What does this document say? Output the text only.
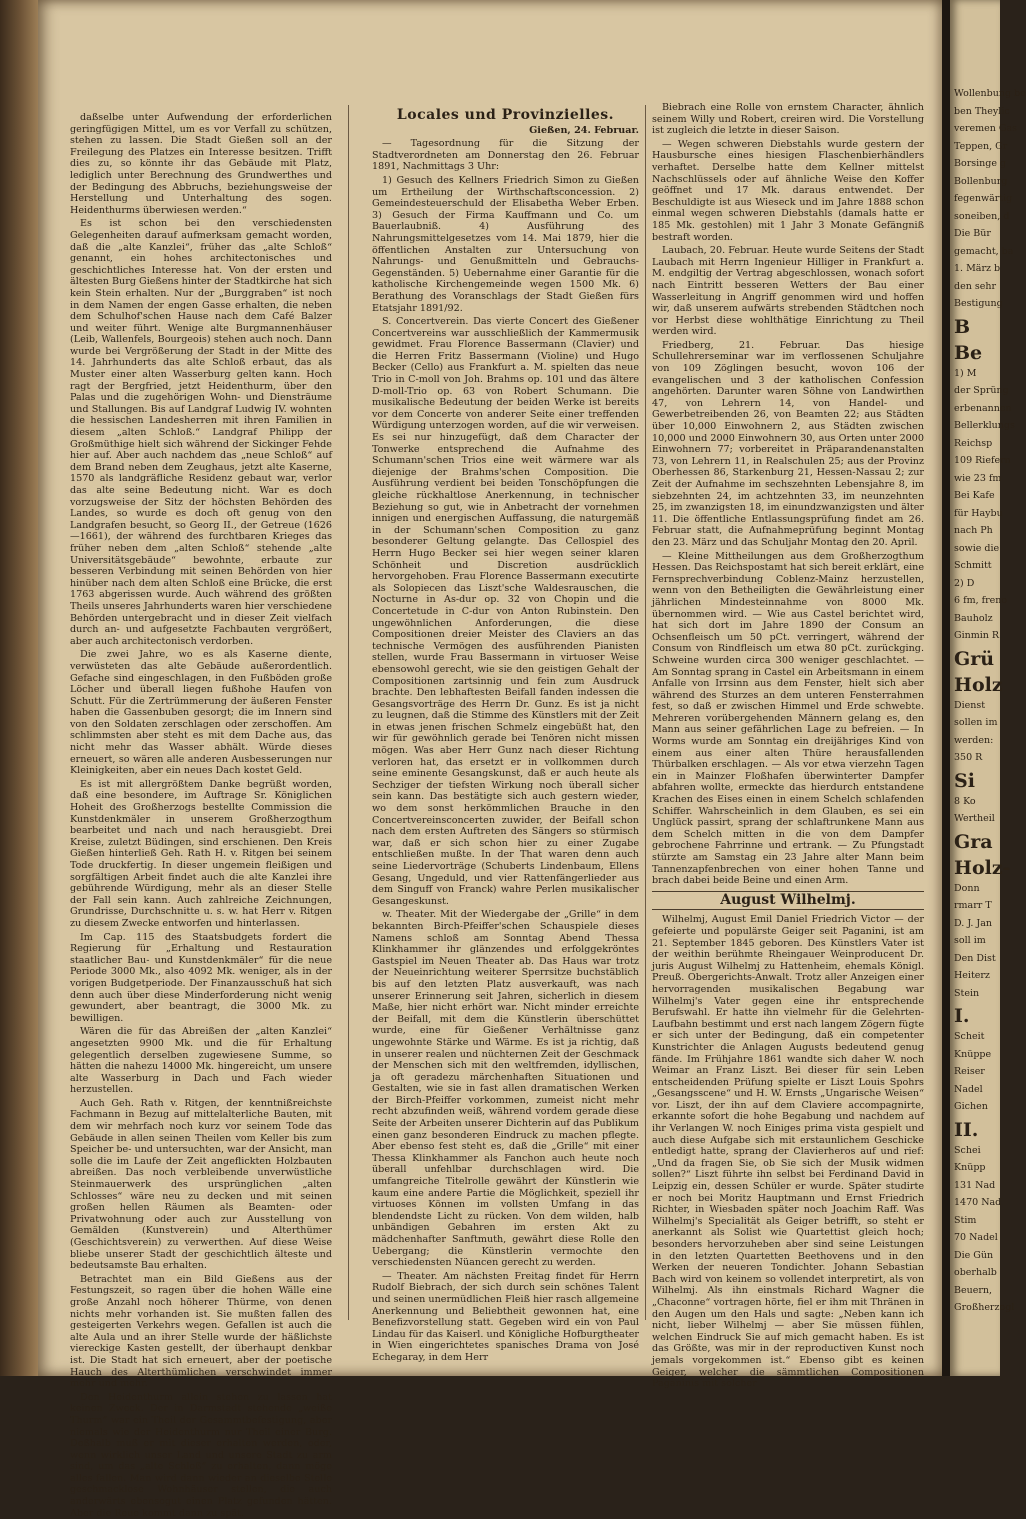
daßselbe unter Aufwendung der erforderlichen geringfügigen Mittel, um es vor Verfall zu schützen, stehen zu lassen. Die Stadt Gießen soll an der Freilegung des Platzes ein Interesse besitzen. Trifft dies zu, so könnte ihr das Gebäude mit Platz, lediglich unter Berechnung des Grundwerthes und der Bedingung des Abbruchs, beziehungsweise der Herstellung und Unterhaltung des sogen. Heidenthurms überwiesen werden.“

Es ist schon bei den verschiedensten Gelegenheiten darauf aufmerksam gemacht worden, daß die „alte Kanzlei“, früher das „alte Schloß“ genannt, ein hohes architectonisches und geschichtliches Interesse hat. Von der ersten und ältesten Burg Gießens hinter der Stadtkirche hat sich kein Stein erhalten. Nur der „Burggraben“ ist noch in dem Namen der engen Gasse erhalten, die neben dem Schulhof'schen Hause nach dem Café Balzer und weiter führt. Wenige alte Burgmannenhäuser (Leib, Wallenfels, Bourgeois) stehen auch noch. Dann wurde bei Vergrößerung der Stadt in der Mitte des 14. Jahrhunderts das alte Schloß erbaut, das als Muster einer alten Wasserburg gelten kann. Hoch ragt der Bergfried, jetzt Heidenthurm, über den Palas und die zugehörigen Wohn- und Diensträume und Stallungen. Bis auf Landgraf Ludwig IV. wohnten die hessischen Landesherren mit ihren Familien in diesem „alten Schloß.“ Landgraf Philipp der Großmüthige hielt sich während der Sickinger Fehde hier auf. Aber auch nachdem das „neue Schloß“ auf dem Brand neben dem Zeughaus, jetzt alte Kaserne, 1570 als landgräfliche Residenz gebaut war, verlor das alte seine Bedeutung nicht. War es doch vorzugsweise der Sitz der höchsten Behörden des Landes, so wurde es doch oft genug von den Landgrafen besucht, so Georg II., der Getreue (1626—1661), der während des furchtbaren Krieges das früher neben dem „alten Schloß“ stehende „alte Universitätsgebäude“ bewohnte, erbaute zur besseren Verbindung mit seinen Behörden von hier hinüber nach dem alten Schloß eine Brücke, die erst 1763 abgerissen wurde. Auch während des größten Theils unseres Jahrhunderts waren hier verschiedene Behörden untergebracht und in dieser Zeit vielfach durch an- und aufgesetzte Fachbauten vergrößert, aber auch architectonisch verdorben.

Die zwei Jahre, wo es als Kaserne diente, verwüsteten das alte Gebäude außerordentlich. Gefache sind eingeschlagen, in den Fußböden große Löcher und überall liegen fußhohe Haufen von Schutt. Für die Zertrümmerung der äußeren Fenster haben die Gassenbuben gesorgt; die im Innern sind von den Soldaten zerschlagen oder zerschoffen. Am schlimmsten aber steht es mit dem Dache aus, das nicht mehr das Wasser abhält. Würde dieses erneuert, so wären alle anderen Ausbesserungen nur Kleinigkeiten, aber ein neues Dach kostet Geld.

Es ist mit allergrößtem Danke begrüßt worden, daß eine besondere, im Auftrage Sr. Königlichen Hoheit des Großherzogs bestellte Commission die Kunstdenkmäler in unserem Großherzogthum bearbeitet und nach und nach herausgiebt. Drei Kreise, zuletzt Büdingen, sind erschienen. Den Kreis Gießen hinterließ Geh. Rath H. v. Ritgen bei seinem Tode druckfertig. In dieser ungemein fleißigen und sorgfältigen Arbeit findet auch die alte Kanzlei ihre gebührende Würdigung, mehr als an dieser Stelle der Fall sein kann. Auch zahlreiche Zeichnungen, Grundrisse, Durchschnitte u. s. w. hat Herr v. Ritgen zu diesem Zwecke entworfen und hinterlassen.

Im Cap. 115 des Staatsbudgets fordert die Regierung für „Erhaltung und Restauration staatlicher Bau- und Kunstdenkmäler“ für die neue Periode 3000 Mk., also 4092 Mk. weniger, als in der vorigen Budgetperiode. Der Finanzausschuß hat sich denn auch über diese Minderforderung nicht wenig gewundert, aber beantragt, die 3000 Mk. zu bewilligen.

Wären die für das Abreißen der „alten Kanzlei“ angesetzten 9900 Mk. und die für Erhaltung gelegentlich derselben zugewiesene Summe, so hätten die nahezu 14000 Mk. hingereicht, um unsere alte Wasserburg in Dach und Fach wieder herzustellen.

Auch Geh. Rath v. Ritgen, der kenntnißreichste Fachmann in Bezug auf mittelalterliche Bauten, mit dem wir mehrfach noch kurz vor seinem Tode das Gebäude in allen seinen Theilen vom Keller bis zum Speicher be- und untersuchten, war der Ansicht, man solle die im Laufe der Zeit angeflickten Holzbauten abreißen. Das noch verbleibende unverwüstliche Steinmauerwerk des ursprünglichen „alten Schlosses“ wäre neu zu decken und mit seinen großen hellen Räumen als Beamten- oder Privatwohnung oder auch zur Ausstellung von Gemälden (Kunstverein) und Alterthümer (Geschichtsverein) zu verwerthen. Auf diese Weise bliebe unserer Stadt der geschichtlich älteste und bedeutsamste Bau erhalten.

Betrachtet man ein Bild Gießens aus der Festungszeit, so ragen über die hohen Wälle eine große Anzahl noch höherer Thürme, von denen nichts mehr vorhanden ist. Sie mußten fallen des gesteigerten Verkehrs wegen. Gefallen ist auch die alte Aula und an ihrer Stelle wurde der häßlichste viereckige Kasten gestellt, der überhaupt denkbar ist. Die Stadt hat sich erneuert, aber der poetische Hauch des Alterthümlichen verschwindet immer mehr und mehr.

Den Heidenthurm allein stehen zu lassen hat keinen Zweck. Der in Darmstadt stehende „weiße Thurm“ war ein Theil der Gesammtbefestigung, aber niemals wie der Heidenthurm nur Theil einer Burg. Deßhalb muß er mit dieser erhalten werden, oder, wenn wirklich unser Land und unsere Stadt zu arm sind, um das „alte Schloß“ zu erhalten, dann möge alles fallen. Man wird dann wieder an dieselbe Stelle geschmacklose Wohnhäuser stellen, die auch anderwärts ebensogut einen Platz gefunden hätten. Aber die Reue kommt dann zu spät.

Locales und Provinzielles.
Gießen, 24. Februar.

— Tagesordnung für die Sitzung der Stadtverordneten am Donnerstag den 26. Februar 1891, Nachmittags 3 Uhr:

1) Gesuch des Kellners Friedrich Simon zu Gießen um Ertheilung der Wirthschaftsconcession. 2) Gemeindesteuerschuld der Elisabetha Weber Erben. 3) Gesuch der Firma Kauffmann und Co. um Bauerlaubniß. 4) Ausführung des Nahrungsmittelgesetzes vom 14. Mai 1879, hier die öffentlichen Anstalten zur Untersuchung von Nahrungs- und Genußmitteln und Gebrauchs-Gegenständen. 5) Uebernahme einer Garantie für die katholische Kirchengemeinde wegen 1500 Mk. 6) Berathung des Voranschlags der Stadt Gießen fürs Etatsjahr 1891/92.

S. Concertverein. Das vierte Concert des Gießener Concertvereins war ausschließlich der Kammermusik gewidmet. Frau Florence Bassermann (Clavier) und die Herren Fritz Bassermann (Violine) und Hugo Becker (Cello) aus Frankfurt a. M. spielten das neue Trio in C-moll von Joh. Brahms op. 101 und das ältere D-moll-Trio op. 63 von Robert Schumann. Die musikalische Bedeutung der beiden Werke ist bereits vor dem Concerte von anderer Seite einer treffenden Würdigung unterzogen worden, auf die wir verweisen. Es sei nur hinzugefügt, daß dem Character der Tonwerke entsprechend die Aufnahme des Schumann'schen Trios eine weit wärmere war als diejenige der Brahms'schen Composition. Die Ausführung verdient bei beiden Tonschöpfungen die gleiche rückhaltlose Anerkennung, in technischer Beziehung so gut, wie in Anbetracht der vornehmen innigen und energischen Auffassung, die naturgemäß in der Schumann'schen Composition zu ganz besonderer Geltung gelangte. Das Cellospiel des Herrn Hugo Becker sei hier wegen seiner klaren Schönheit und Discretion ausdrücklich hervorgehoben. Frau Florence Bassermann executirte als Solopiecen das Liszt'sche Waldesrauschen, die Nocturne in As-dur op. 32 von Chopin und die Concertetude in C-dur von Anton Rubinstein. Den ungewöhnlichen Anforderungen, die diese Compositionen dreier Meister des Claviers an das technische Vermögen des ausführenden Pianisten stellen, wurde Frau Bassermann in virtuoser Weise ebensowohl gerecht, wie sie den geistigen Gehalt der Compositionen zartsinnig und fein zum Ausdruck brachte. Den lebhaftesten Beifall fanden indessen die Gesangsvorträge des Herrn Dr. Gunz. Es ist ja nicht zu leugnen, daß die Stimme des Künstlers mit der Zeit in etwas jenen frischen Schmelz eingebüßt hat, den wir für gewöhnlich gerade bei Tenören nicht missen mögen. Was aber Herr Gunz nach dieser Richtung verloren hat, das ersetzt er in vollkommen durch seine eminente Gesangskunst, daß er auch heute als Sechziger der tiefsten Wirkung noch überall sicher sein kann. Das bestätigte sich auch gestern wieder, wo dem sonst herkömmlichen Brauche in den Concertvereinsconcerten zuwider, der Beifall schon nach dem ersten Auftreten des Sängers so stürmisch war, daß er sich schon hier zu einer Zugabe entschließen mußte. In der That waren denn auch seine Liedervorträge (Schuberts Lindenbaum, Ellens Gesang, Ungeduld, und vier Rattenfängerlieder aus dem Singuff von Franck) wahre Perlen musikalischer Gesangeskunst.

w. Theater. Mit der Wiedergabe der „Grille“ in dem bekannten Birch-Pfeiffer'schen Schauspiele dieses Namens schloß am Sonntag Abend Thessa Klinkhammer ihr glänzendes und erfolggekröntes Gastspiel im Neuen Theater ab. Das Haus war trotz der Neueinrichtung weiterer Sperrsitze buchstäblich bis auf den letzten Platz ausverkauft, was nach unserer Erinnerung seit Jahren, sicherlich in diesem Maße, hier nicht erhört war. Nicht minder erreichte der Beifall, mit dem die Künstlerin überschüttet wurde, eine für Gießener Verhältnisse ganz ungewohnte Stärke und Wärme. Es ist ja richtig, daß in unserer realen und nüchternen Zeit der Geschmack der Menschen sich mit den weltfremden, idyllischen, ja oft geradezu märchenhaften Situationen und Gestalten, wie sie in fast allen dramatischen Werken der Birch-Pfeiffer vorkommen, zumeist nicht mehr recht abzufinden weiß, während vordem gerade diese Seite der Arbeiten unserer Dichterin auf das Publikum einen ganz besonderen Eindruck zu machen pflegte. Aber ebenso fest steht es, daß die „Grille“ mit einer Thessa Klinkhammer als Fanchon auch heute noch überall unfehlbar durchschlagen wird. Die umfangreiche Titelrolle gewährt der Künstlerin wie kaum eine andere Partie die Möglichkeit, speziell ihr virtuoses Können im vollsten Umfang in das blendendste Licht zu rücken. Von dem wilden, halb unbändigen Gebahren im ersten Akt zu mädchenhafter Sanftmuth, gewährt diese Rolle den Uebergang; die Künstlerin vermochte den verschiedensten Nüancen gerecht zu werden.

— Theater. Am nächsten Freitag findet für Herrn Rudolf Biebrach, der sich durch sein schönes Talent und seinen unermüdlichen Fleiß hier rasch allgemeine Anerkennung und Beliebtheit gewonnen hat, eine Benefizvorstellung statt. Gegeben wird ein von Paul Lindau für das Kaiserl. und Königliche Hofburgtheater in Wien eingerichtetes spanisches Drama von José Echegaray, in dem Herr

Biebrach eine Rolle von ernstem Character, ähnlich seinem Willy und Robert, creiren wird. Die Vorstellung ist zugleich die letzte in dieser Saison.

— Wegen schweren Diebstahls wurde gestern der Hausbursche eines hiesigen Flaschenbierhändlers verhaftet. Derselbe hatte dem Kellner mittelst Nachschlüssels oder auf ähnliche Weise den Koffer geöffnet und 17 Mk. daraus entwendet. Der Beschuldigte ist aus Wieseck und im Jahre 1888 schon einmal wegen schweren Diebstahls (damals hatte er 185 Mk. gestohlen) mit 1 Jahr 3 Monate Gefängniß bestraft worden.

Laubach, 20. Februar. Heute wurde Seitens der Stadt Laubach mit Herrn Ingenieur Hilliger in Frankfurt a. M. endgiltig der Vertrag abgeschlossen, wonach sofort nach Eintritt besseren Wetters der Bau einer Wasserleitung in Angriff genommen wird und hoffen wir, daß unserem aufwärts strebenden Städtchen noch vor Herbst diese wohlthätige Einrichtung zu Theil werden wird.

Friedberg, 21. Februar. Das hiesige Schullehrerseminar war im verflossenen Schuljahre von 109 Zöglingen besucht, wovon 106 der evangelischen und 3 der katholischen Confession angehörten. Darunter waren Söhne von Landwirthen 47, von Lehrern 14, von Handel- und Gewerbetreibenden 26, von Beamten 22; aus Städten über 10,000 Einwohnern 2, aus Städten zwischen 10,000 und 2000 Einwohnern 30, aus Orten unter 2000 Einwohnern 77; vorbereitet in Präparandenanstalten 73, von Lehrern 11, in Realschulen 25; aus der Provinz Oberhessen 86, Starkenburg 21, Hessen-Nassau 2; zur Zeit der Aufnahme im sechszehnten Lebensjahre 8, im siebzehnten 24, im achtzehnten 33, im neunzehnten 25, im zwanzigsten 18, im einundzwanzigsten und älter 11. Die öffentliche Entlassungsprüfung findet am 26. Februar statt, die Aufnahmeprüfung beginnt Montag den 23. März und das Schuljahr Montag den 20. April.

— Kleine Mittheilungen aus dem Großherzogthum Hessen. Das Reichspostamt hat sich bereit erklärt, eine Fernsprechverbindung Coblenz-Mainz herzustellen, wenn von den Betheiligten die Gewährleistung einer jährlichen Mindesteinnahme von 8000 Mk. übernommen wird. — Wie aus Castel berichtet wird, hat sich dort im Jahre 1890 der Consum an Ochsenfleisch um 50 pCt. verringert, während der Consum von Rindfleisch um etwa 80 pCt. zurückging. Schweine wurden circa 300 weniger geschlachtet. — Am Sonntag sprang in Castel ein Arbeitsmann in einem Anfalle von Irrsinn aus dem Fenster, hielt sich aber während des Sturzes an dem unteren Fensterrahmen fest, so daß er zwischen Himmel und Erde schwebte. Mehreren vorübergehenden Männern gelang es, den Mann aus seiner gefährlichen Lage zu befreien. — In Worms wurde am Sonntag ein dreijähriges Kind von einem aus einer alten Thüre herausfallenden Thürbalken erschlagen. — Als vor etwa vierzehn Tagen ein in Mainzer Floßhafen überwinterter Dampfer abfahren wollte, ermeckte das hierdurch entstandene Krachen des Eises einen in einem Schelch schlafenden Schiffer. Wahrscheinlich in dem Glauben, es sei ein Unglück passirt, sprang der schlaftrunkene Mann aus dem Schelch mitten in die von dem Dampfer gebrochene Fahrrinne und ertrank. — Zu Pfungstadt stürzte am Samstag ein 23 Jahre alter Mann beim Tannenzapfenbrechen von einer hohen Tanne und brach dabei beide Beine und einen Arm.

August Wilhelmj.

Wilhelmj, August Emil Daniel Friedrich Victor — der gefeierte und populärste Geiger seit Paganini, ist am 21. September 1845 geboren. Des Künstlers Vater ist der weithin berühmte Rheingauer Weinproducent Dr. juris August Wilhelmj zu Hattenheim, ehemals Königl. Preuß. Obergerichts-Anwalt. Trotz aller Anzeigen einer hervorragenden musikalischen Begabung war Wilhelmj's Vater gegen eine ihr entsprechende Berufswahl. Er hatte ihn vielmehr für die Gelehrten-Laufbahn bestimmt und erst nach langem Zögern fügte er sich unter der Bedingung, daß ein competenter Kunstrichter die Anlagen Augusts bedeutend genug fände. Im Frühjahre 1861 wandte sich daher W. noch Weimar an Franz Liszt. Bei dieser für sein Leben entscheidenden Prüfung spielte er Liszt Louis Spohrs „Gesangsscene“ und H. W. Ernsts „Ungarische Weisen“ vor. Liszt, der ihn auf dem Claviere accompagnirte, erkannte sofort die hohe Begabung und nachdem auf ihr Verlangen W. noch Einiges prima vista gespielt und auch diese Aufgabe sich mit erstaunlichem Geschicke entledigt hatte, sprang der Clavierheros auf und rief: „Und da fragen Sie, ob Sie sich der Musik widmen sollen?“ Liszt führte ihn selbst bei Ferdinand David in Leipzig ein, dessen Schüler er wurde. Später studirte er noch bei Moritz Hauptmann und Ernst Friedrich Richter, in Wiesbaden später noch Joachim Raff. Was Wilhelmj's Specialität als Geiger betrifft, so steht er anerkannt als Solist wie Quartettist gleich hoch; besonders hervorzuheben aber sind seine Leistungen in den letzten Quartetten Beethovens und in den Werken der neueren Tondichter. Johann Sebastian Bach wird von keinem so vollendet interpretirt, als von Wilhelmj. Als ihn einstmals Richard Wagner die „Chaconne“ vortragen hörte, fiel er ihm mit Thränen in den Augen um den Hals und sagte: „Neben kann ich nicht, lieber Wilhelmj — aber Sie müssen fühlen, welchen Eindruck Sie auf mich gemacht haben. Es ist das Größte, was mir in der reproductiven Kunst noch jemals vorgekommen ist.“ Ebenso gibt es keinen Geiger, welcher die sämmtlichen Compositionen Paganinis mit solcher

Wollenbung be
ben Theylic
veremen Gas
Teppen, Gr
Borsinge g
Bollenburg
fegenwärtig
soneiben, d
Die Bür
gemacht, ba
1. März b
den sehr
Bestigung
B
Be
1) M
der Sprüng
erbenannen
Bellerklungs
Reichsp
109 Riefern
wie 23 fm
Bei Kafe
für Haybu
nach Ph
sowie die
Schmitt
2) D
6 fm, freno
Bauholz
Ginmin R
Grü
Holz
Dienst
sollen im
werden:
350 R
Si
8 Ko
Wertheil
Gra
Holz-
Donn
rmarr T
D. J. Jan
soll im
Den Dist
Heiterz
Stein
I.
Scheit
Knüppe
Reiser
Nadel
Gichen
II.
Schei
Knüpp
131 Nad
1470 Nad
Stim
70 Nadel
Die Gün
oberhalb
Beuern,
Großherzogl
